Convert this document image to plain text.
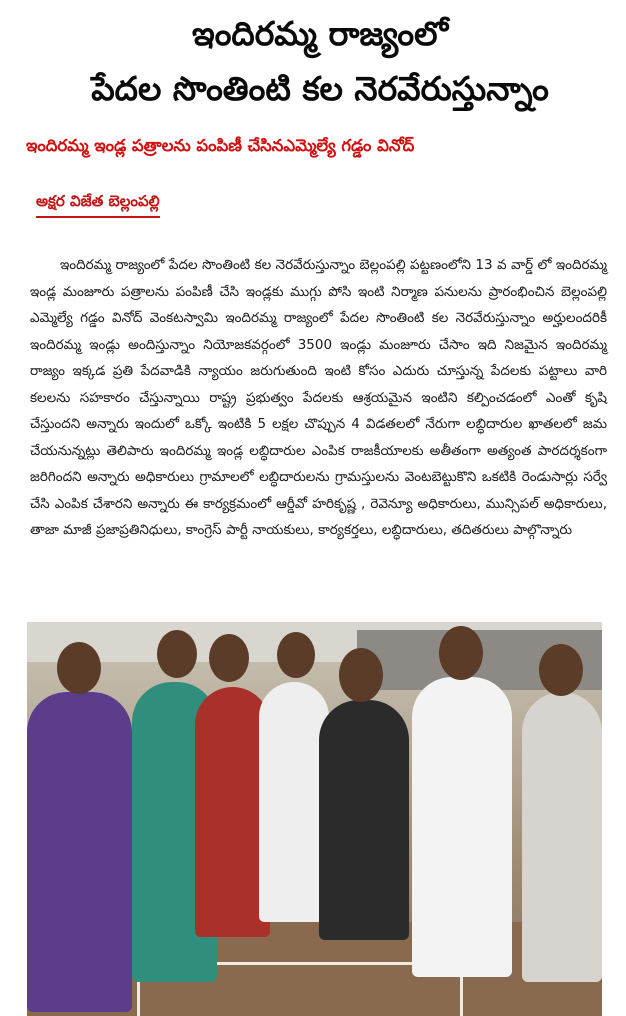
ఇందిరమ్మ రాజ్యంలో
పేదల సొంతింటి కల నెరవేరుస్తున్నాం
ఇందిరమ్మ ఇండ్ల పత్రాలను పంపిణీ చేసినఎమ్మెల్యే గడ్డం వినోద్
అక్షర విజేత బెల్లంపల్లి
ఇందిరమ్మ రాజ్యంలో పేదల సొంతింటి కల నెరవేరుస్తున్నాం బెల్లంపల్లి పట్టణంలోని 13 వ వార్డ్ లో ఇందిరమ్మ ఇండ్ల మంజూరు పత్రాలను పంపిణీ చేసి ఇండ్లకు ముగ్గు పోసి ఇంటి నిర్మాణ పనులను ప్రారంభించిన బెల్లంపల్లి ఎమ్మెల్యే గడ్డం వినోద్ వెంకటస్వామి ఇందిరమ్మ రాజ్యంలో పేదల సొంతింటి కల నెరవేరుస్తున్నాం అర్హులందరికీ ఇందిరమ్మ ఇండ్లు అందిస్తున్నాం నియోజకవర్గంలో 3500 ఇండ్లు మంజూరు చేసాం ఇది నిజమైన ఇందిరమ్మ రాజ్యం ఇక్కడ ప్రతి పేదవాడికి న్యాయం జరుగుతుంది ఇంటి కోసం ఎదురు చూస్తున్న పేదలకు పట్టాలు వారి కలలను సహకారం చేస్తున్నాయి రాష్ట్ర ప్రభుత్వం పేదలకు ఆశ్రయమైన ఇంటిని కల్పించడంలో ఎంతో కృషి చేస్తుందని అన్నారు ఇందులో ఒక్కో ఇంటికి 5 లక్షల చొప్పున 4 విడతలలో నేరుగా లబ్ధిదారుల ఖాతలలో జమ చేయనున్నట్లు తెలిపారు ఇందిరమ్మ ఇండ్ల లబ్ధిదారుల ఎంపిక రాజకీయాలకు అతీతంగా అత్యంత పారదర్శకంగా జరిగిందని అన్నారు అధికారులు గ్రామాలలో లబ్ధిదారులను గ్రామస్తులను వెంటబెట్టుకొని ఒకటికి రెండుసార్లు సర్వే చేసి ఎంపిక చేశారని అన్నారు ఈ కార్యక్రమంలో ఆర్డీవో హరికృష్ణ , రెవెన్యూ అధికారులు, మున్సిపల్ అధికారులు, తాజా మాజీ ప్రజాప్రతినిధులు, కాంగ్రెస్ పార్టీ నాయకులు, కార్యకర్తలు, లబ్ధిదారులు, తదితరులు పాల్గొన్నారు
